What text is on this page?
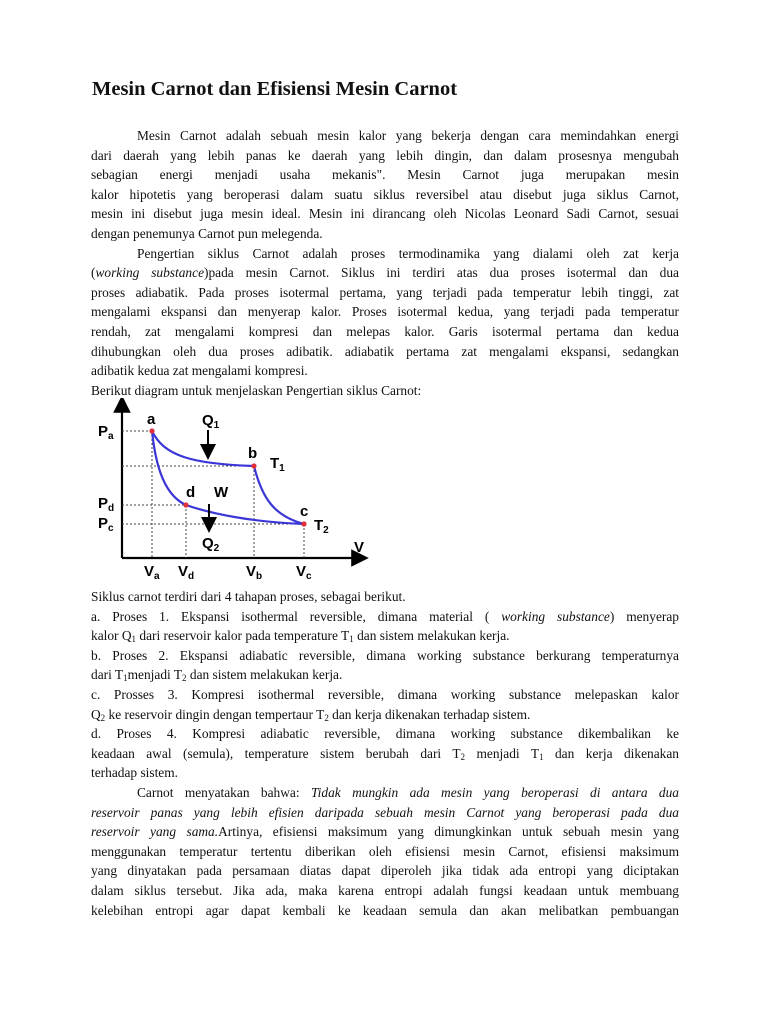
Mesin Carnot dan Efisiensi Mesin Carnot
Mesin Carnot adalah sebuah mesin kalor yang bekerja dengan cara memindahkan energi
dari daerah yang lebih panas ke daerah yang lebih dingin, dan dalam prosesnya mengubah
sebagian energi menjadi usaha mekanis". Mesin Carnot juga merupakan mesin
kalor hipotetis yang beroperasi dalam suatu siklus reversibel atau disebut juga siklus Carnot,
mesin ini disebut juga mesin ideal. Mesin ini dirancang oleh Nicolas Leonard Sadi Carnot, sesuai
dengan penemunya Carnot pun melegenda.
Pengertian siklus Carnot adalah proses termodinamika yang dialami oleh zat kerja
(working substance)pada mesin Carnot. Siklus ini terdiri atas dua proses isotermal dan dua
proses adiabatik. Pada proses isotermal pertama, yang terjadi pada temperatur lebih tinggi, zat
mengalami ekspansi dan menyerap kalor. Proses isotermal kedua, yang terjadi pada temperatur
rendah, zat mengalami kompresi dan melepas kalor. Garis isotermal pertama dan kedua
dihubungkan oleh dua proses adibatik. adiabatik pertama zat mengalami ekspansi, sedangkan
adibatik kedua zat mengalami kompresi.
Berikut diagram untuk menjelaskan Pengertian siklus Carnot:
$P_a$
$P_d$
$P_c$
a
b
c
d W
$Q_1$
$Q_2$
$T_1$
$T_2$
V
$V_a$ $V_d$	$V_b$ $V_c$
Siklus carnot terdiri dari 4 tahapan proses, sebagai berikut.
a. Proses 1. Ekspansi isothermal reversible, dimana material ( working substance) menyerap
kalor $Q_1$ dari reservoir kalor pada temperature $T_1$ dan sistem melakukan kerja.
b. Proses 2. Ekspansi adiabatic reversible, dimana working substance berkurang temperaturnya
dari $T_1menjadi$ $T_2$ dan sistem melakukan kerja.
c. Prosses 3. Kompresi isothermal reversible, dimana working substance melepaskan kalor
$Q_2$ ke reservoir dingin dengan tempertaur $T_2$ dan kerja dikenakan terhadap sistem.
d. Proses 4. Kompresi adiabatic reversible, dimana working substance dikembalikan ke
keadaan awal (semula), temperature sistem berubah dari $T_2$ menjadi $T_1$ dan kerja dikenakan
terhadap sistem.
Carnot menyatakan bahwa: Tidak mungkin ada mesin yang beroperasi di antara dua
reservoir panas yang lebih efisien daripada sebuah mesin Carnot yang beroperasi pada dua
reservoir yang sama.Artinya, efisiensi maksimum yang dimungkinkan untuk sebuah mesin yang
menggunakan temperatur tertentu diberikan oleh efisiensi mesin Carnot, efisiensi maksimum
yang dinyatakan pada persamaan diatas dapat diperoleh jika tidak ada entropi yang diciptakan
dalam siklus tersebut. Jika ada, maka karena entropi adalah fungsi keadaan untuk membuang
kelebihan entropi agar dapat kembali ke keadaan semula dan akan melibatkan pembuangan
